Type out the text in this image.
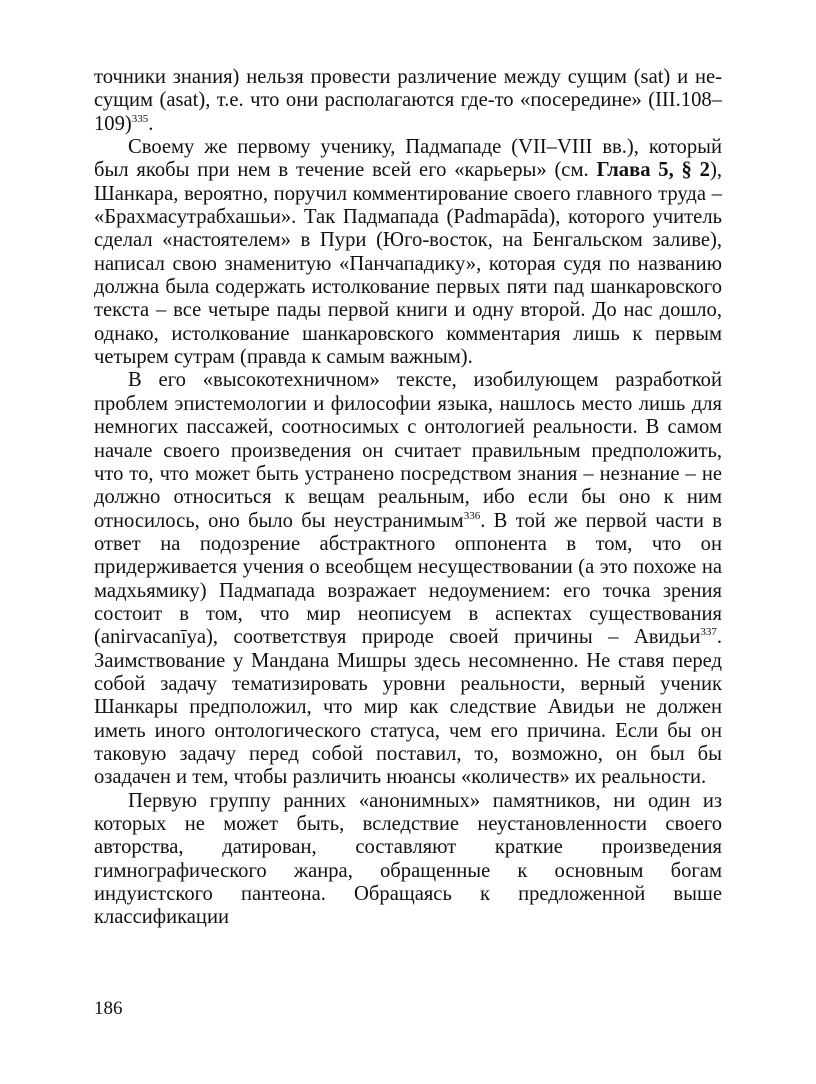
точники знания) нельзя провести различение между сущим (sat) и не-сущим (asat), т.е. что они располагаются где-то «посередине» $(III.108-109)^{335}$.

Своему же первому ученику, Падмападе (VII–VIII вв.), который был якобы при нем в течение всей его «карьеры» (см. Глава 5, § 2), Шанкара, вероятно, поручил комментирование своего главного труда – «Брахмасутрабхашьи». Так Падмапада (Padmapāda), которого учитель сделал «настоятелем» в Пури (Юго-восток, на Бенгальском заливе), написал свою знаменитую «Панчападику», которая судя по названию должна была содержать истолкование первых пяти пад шанкаровского текста – все четыре пады первой книги и одну второй. До нас дошло, однако, истолкование шанкаровского комментария лишь к первым четырем сутрам (правда к самым важным).

В его «высокотехничном» тексте, изобилующем разработкой проблем эпистемологии и философии языка, нашлось место лишь для немногих пассажей, соотносимых с онтологией реальности. В самом начале своего произведения он считает правильным предположить, что то, что может быть устранено посредством знания – незнание – не должно относиться к вещам реальным, ибо если бы оно к ним относилось, оно было бы неустранимым$^{336}$. В той же первой части в ответ на подозрение абстрактного оппонента в том, что он придерживается учения о всеобщем несуществовании (а это похоже на мадхьямику) Падмапада возражает недоумением: его точка зрения состоит в том, что мир неописуем в аспектах существования (anirvacanīya), соответствуя природе своей причины – Авидьи$^{337}$. Заимствование у Мандана Мишры здесь несомненно. Не ставя перед собой задачу тематизировать уровни реальности, верный ученик Шанкары предположил, что мир как следствие Авидьи не должен иметь иного онтологического статуса, чем его причина. Если бы он таковую задачу перед собой поставил, то, возможно, он был бы озадачен и тем, чтобы различить нюансы «количеств» их реальности.

Первую группу ранних «анонимных» памятников, ни один из которых не может быть, вследствие неустановленности своего авторства, датирован, составляют краткие произведения гимнографического жанра, обращенные к основным богам индуистского пантеона. Обращаясь к предложенной выше классификации

186
